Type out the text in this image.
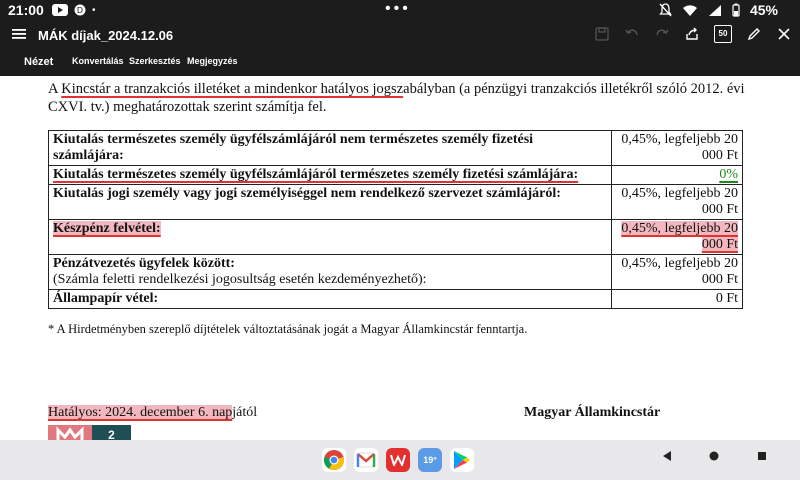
21:00	D •	•••	45%
MÁK díjak_2024.12.06	50
Nézet Konvertálás Szerkesztés Megjegyzés
A Kincstár a tranzakciós illetéket a mindenkor hatályos jogszabályban (a pénzügyi tranzakciós illetékről szóló 2012. évi CXVI. tv.) meghatározottak szerint számítja fel.
Kiutalás természetes személy ügyfélszámlájáról nem természetes személy fizetési számlájára:	0,45%, legfeljebb 20 000 Ft
Kiutalás természetes személy ügyfélszámlájáról természetes személy fizetési számlájára:	0%
Kiutalás jogi személy vagy jogi személyiséggel nem rendelkező szervezet számlájáról:	0,45%, legfeljebb 20 000 Ft
Készpénz felvétel:	0,45%, legfeljebb 20 000 Ft
Pénzátvezetés ügyfelek között:
(Számla feletti rendelkezési jogosultság esetén kezdeményezhető):	0,45%, legfeljebb 20 000 Ft
Állampapír vétel:	0 Ft
* A Hirdetményben szereplő díjtételek változtatásának jogát a Magyar Államkincstár fenntartja.
Hatályos: 2024. december 6. napjától	Magyar Államkincstár
2
19°
